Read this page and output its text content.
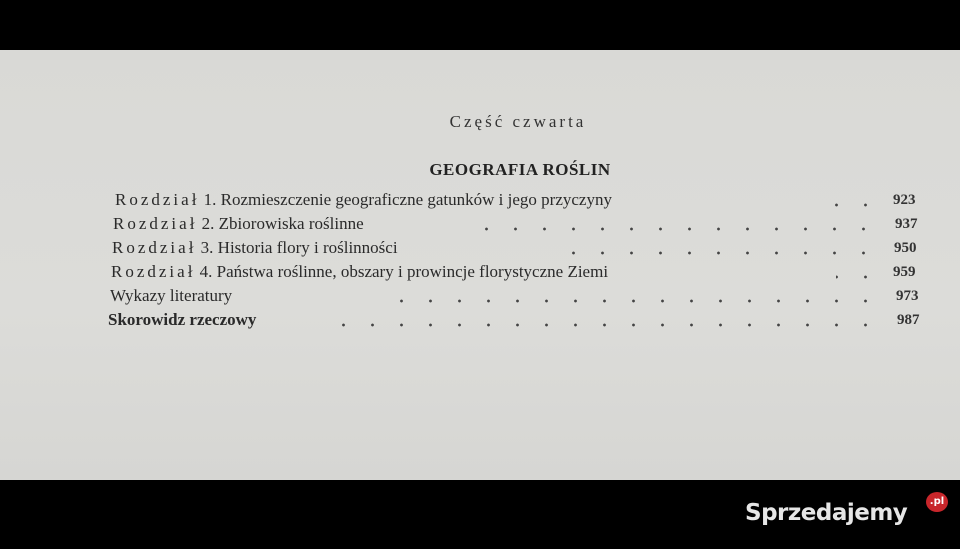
Część czwarta
GEOGRAFIA ROŚLIN
Rozdział 1. Rozmieszczenie geograficzne gatunków i jego przyczyny	923
Rozdział 2. Zbiorowiska roślinne	937
Rozdział 3. Historia flory i roślinności	950
Rozdział 4. Państwa roślinne, obszary i prowincje florystyczne Ziemi	959
Wykazy literatury	973
Skorowidz rzeczowy	987
Sprzedajemy	.pl
